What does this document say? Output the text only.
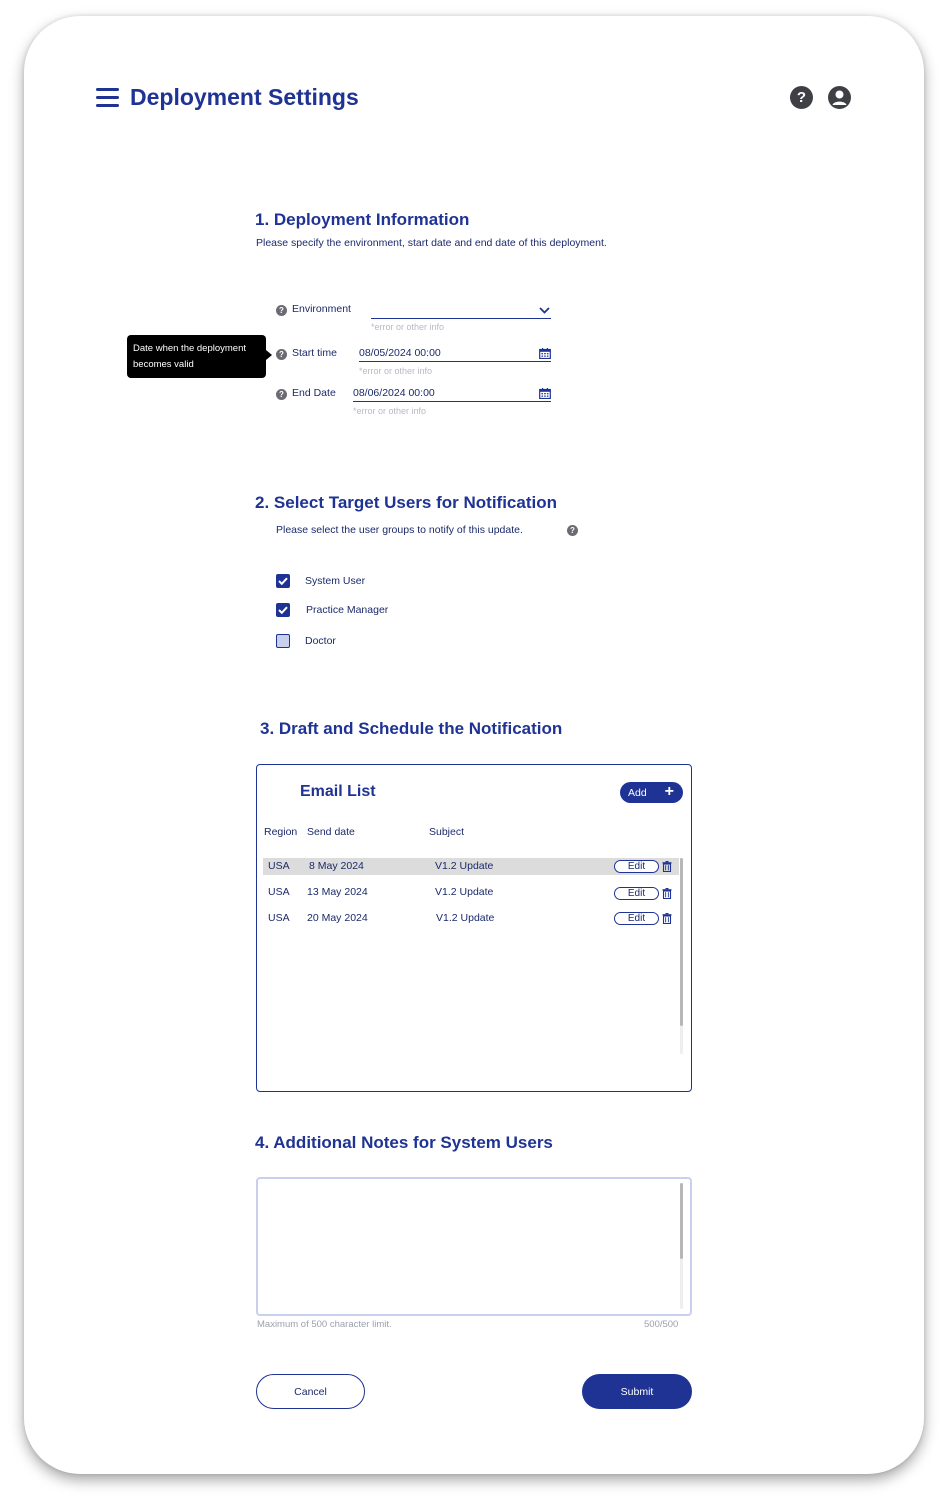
Deployment Settings	?
1. Deployment Information
Please specify the environment, start date and end date of this deployment.
? Environment
*error or other info
Date when the deployment becomes valid
? Start time 08/05/2024 00:00
*error or other info
? End Date 08/06/2024 00:00
*error or other info
2. Select Target Users for Notification
Please select the user groups to notify of this update.	?
System User
Practice Manager
Doctor
3. Draft and Schedule the Notification
Email List	Add +
Region Send date	Subject
USA 8 May 2024	V1.2 Update	Edit
USA 13 May 2024	V1.2 Update	Edit
USA 20 May 2024	V1.2 Update	Edit
4. Additional Notes for System Users
Maximum of 500 character limit.	500/500
Cancel	Submit
